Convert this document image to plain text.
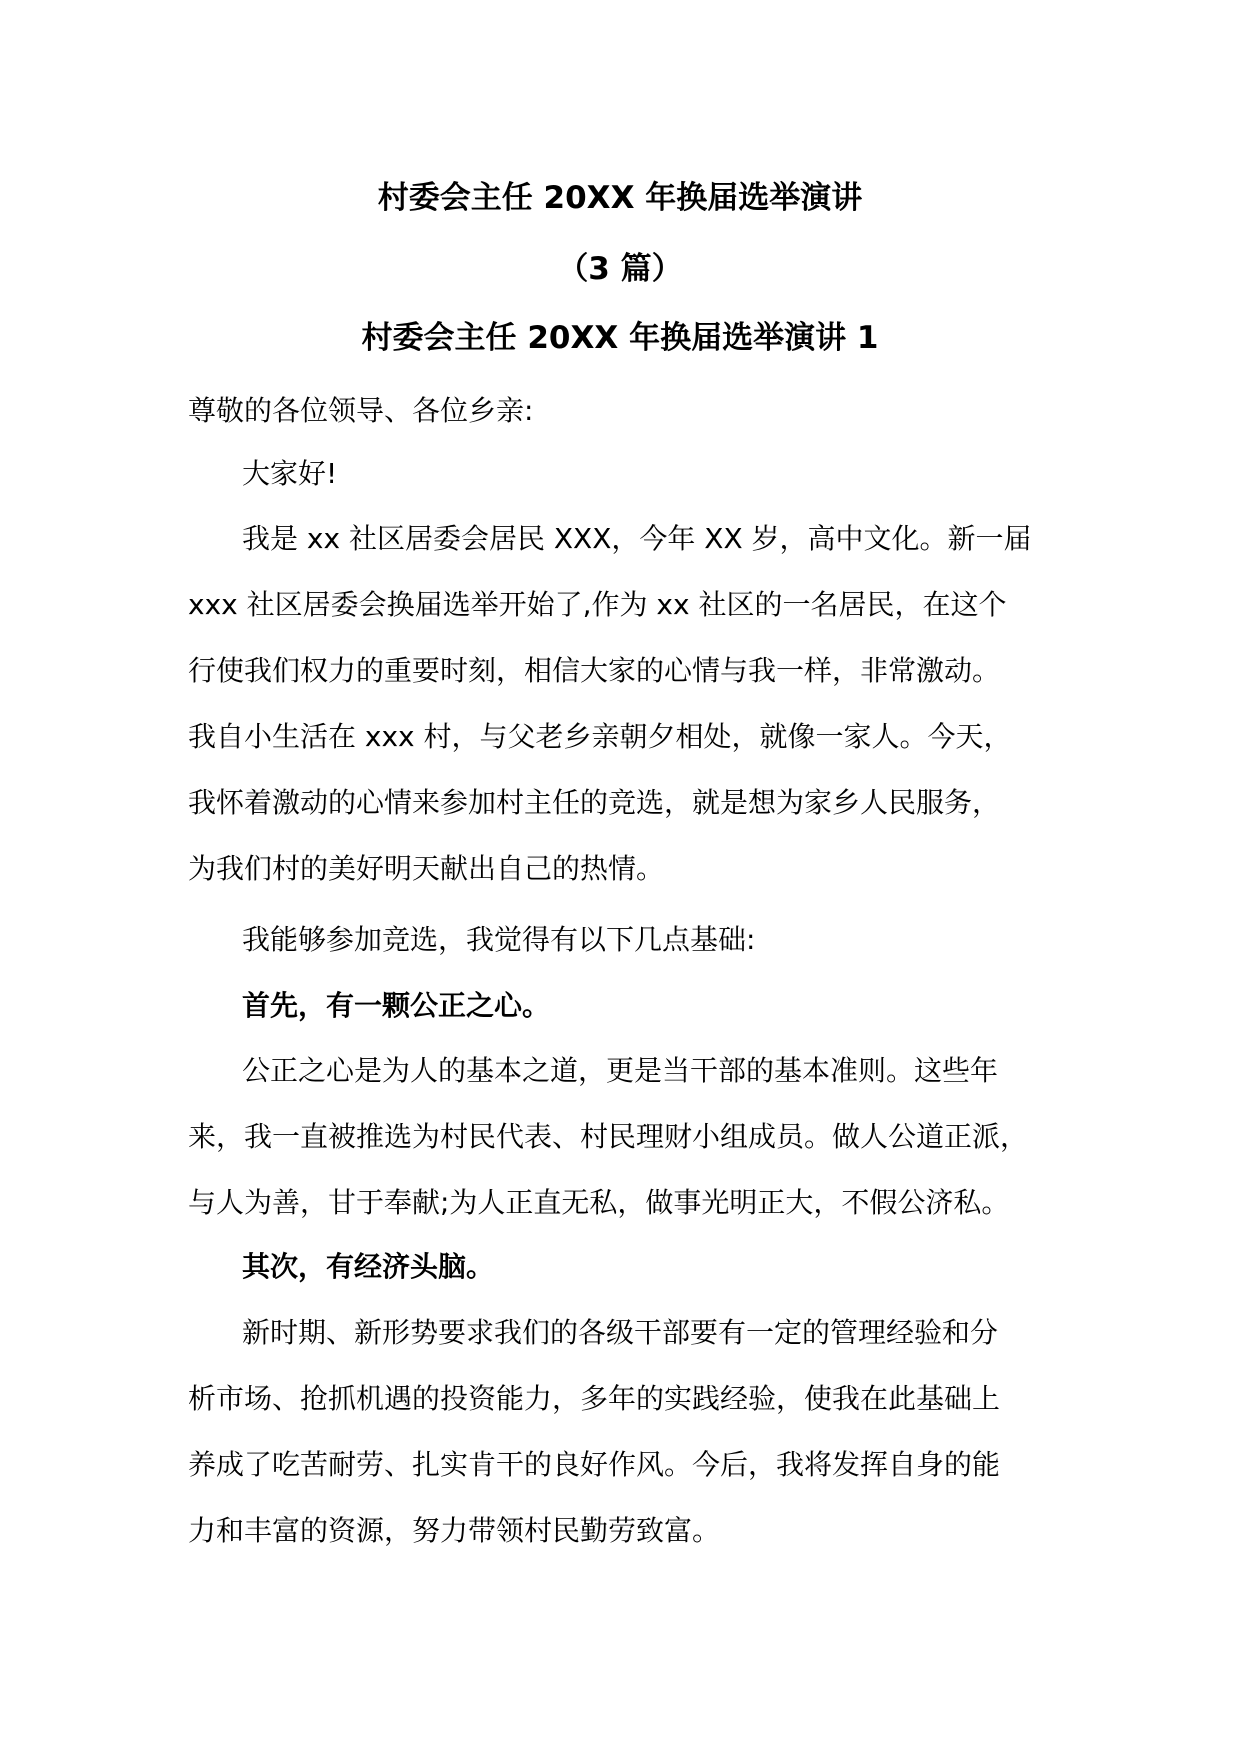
村委会主任 20XX 年换届选举演讲
（3 篇）
村委会主任 20XX 年换届选举演讲 1
尊敬的各位领导、各位乡亲:
大家好!
我是 xx 社区居委会居民 XXX，今年 XX 岁，高中文化。新一届
xxx 社区居委会换届选举开始了,作为 xx 社区的一名居民，在这个
行使我们权力的重要时刻，相信大家的心情与我一样，非常激动。
我自小生活在 xxx 村，与父老乡亲朝夕相处，就像一家人。今天，
我怀着激动的心情来参加村主任的竞选，就是想为家乡人民服务，
为我们村的美好明天献出自己的热情。
我能够参加竞选，我觉得有以下几点基础:
首先，有一颗公正之心。
公正之心是为人的基本之道，更是当干部的基本准则。这些年
来，我一直被推选为村民代表、村民理财小组成员。做人公道正派，
与人为善，甘于奉献;为人正直无私，做事光明正大，不假公济私。
其次，有经济头脑。
新时期、新形势要求我们的各级干部要有一定的管理经验和分
析市场、抢抓机遇的投资能力，多年的实践经验，使我在此基础上
养成了吃苦耐劳、扎实肯干的良好作风。今后，我将发挥自身的能
力和丰富的资源，努力带领村民勤劳致富。
